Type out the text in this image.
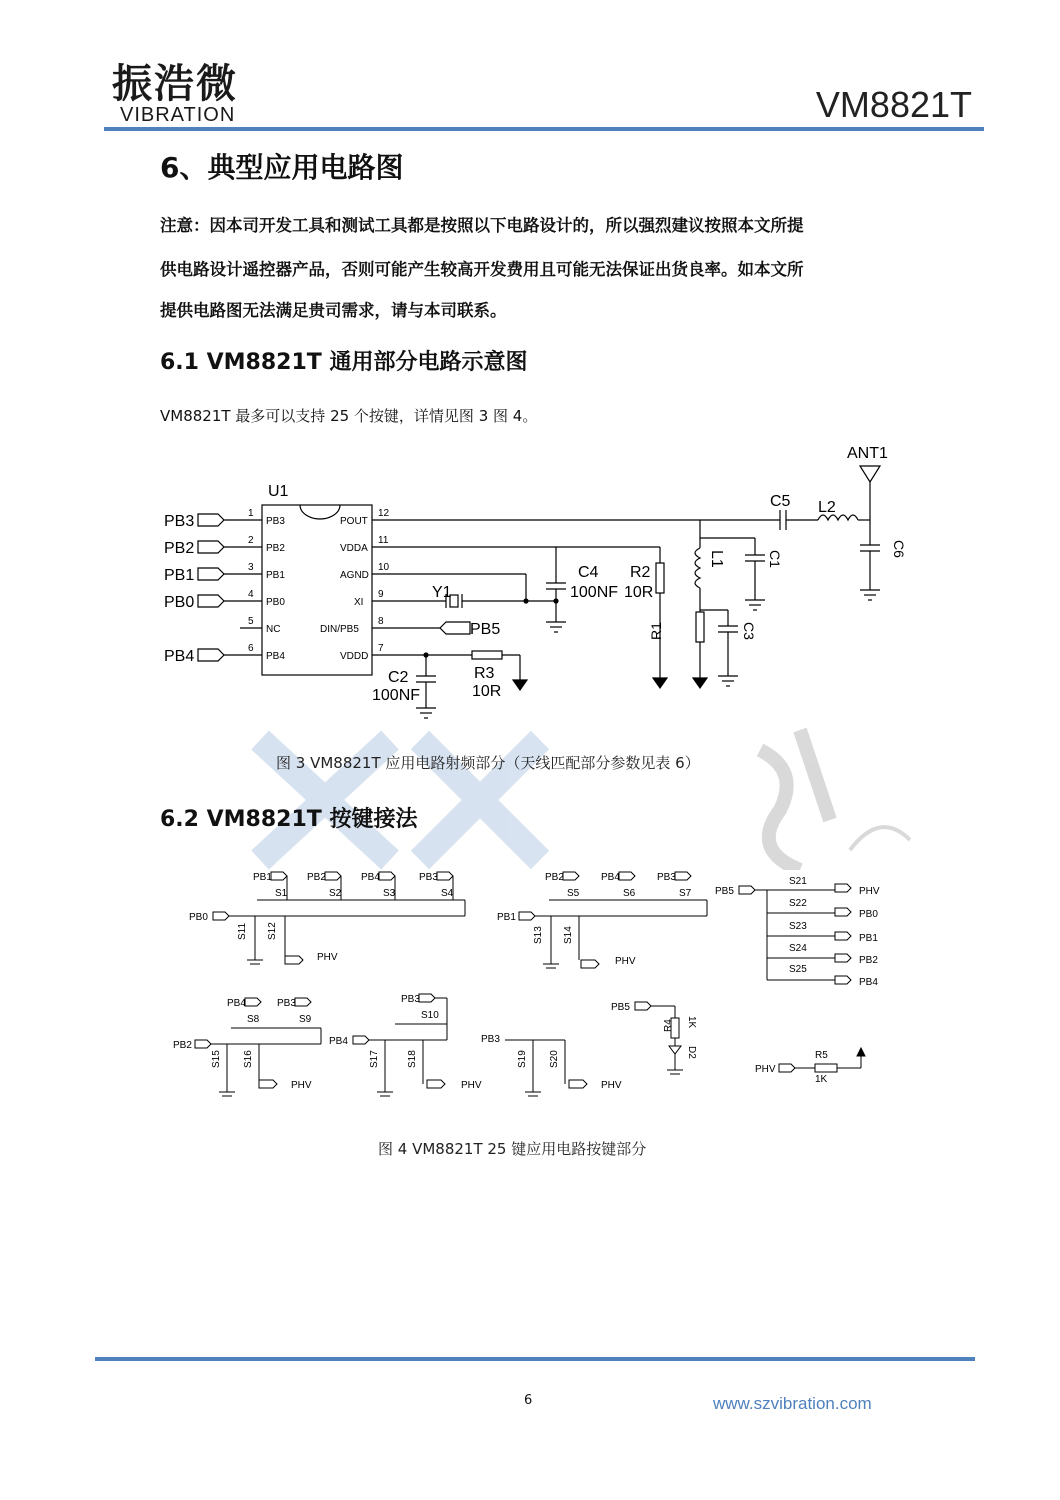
振浩微
VIBRATION	VM8821T
6、典型应用电路图
注意：因本司开发工具和测试工具都是按照以下电路设计的，所以强烈建议按照本文所提
供电路设计遥控器产品，否则可能产生较高开发费用且可能无法保证出货良率。如本文所
提供电路图无法满足贵司需求，请与本司联系。
6.1 VM8821T 通用部分电路示意图
VM8821T 最多可以支持 25 个按键，详情见图 3 图 4。
U1
1
PB3
PB3
2
PB2
PB2
3
PB1
PB1
4
PB0
PB0
5
NC
6
PB4
PB4
POUT
12
VDDA
11
AGND
10
XI
9
DIN/PB5
8
VDDD
7
ANT1
C5 L2
C6
L1	C1
R1	C3
C4
100NF
R2
10R
Y1
PB5
R3
10R
C2
100NF
图 3 VM8821T 应用电路射频部分（天线匹配部分参数见表 6）
6.2 VM8821T 按键接法
PB0
PB1	PB2	PB4	PB3
S1	S2	S3	S4
S11 S12
PHV
PB1
PB2	PB4	PB3
S5	S6	S7
S13 S14
PHV
PB5
S21
S22
S23
S24
S25
PHV
PB0
PB1
PB2
PB4
PB2
PB4	PB3
S8	S9
S15 S16
PHV
PB4
PB3
S10
S17	S18
PHV
PB3
S19 S20
PHV
PB5
R4 1K
D2
PHV
R5
1K
图 4 VM8821T 25 键应用电路按键部分
6	www.szvibration.com
